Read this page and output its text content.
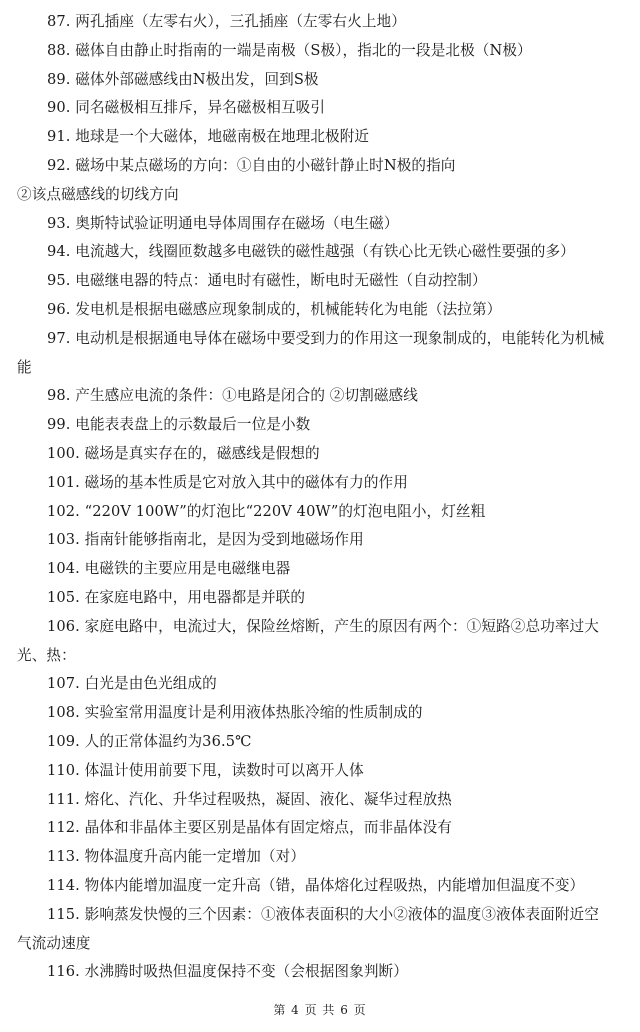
87. 两孔插座（左零右火），三孔插座（左零右火上地）
88. 磁体自由静止时指南的一端是南极（S极），指北的一段是北极（N极）
89. 磁体外部磁感线由N极出发，回到S极
90. 同名磁极相互排斥，异名磁极相互吸引
91. 地球是一个大磁体，地磁南极在地理北极附近
92. 磁场中某点磁场的方向：①自由的小磁针静止时N极的指向
②该点磁感线的切线方向
93. 奥斯特试验证明通电导体周围存在磁场（电生磁）
94. 电流越大，线圈匝数越多电磁铁的磁性越强（有铁心比无铁心磁性要强的多）
95. 电磁继电器的特点：通电时有磁性，断电时无磁性（自动控制）
96. 发电机是根据电磁感应现象制成的，机械能转化为电能（法拉第）
97. 电动机是根据通电导体在磁场中要受到力的作用这一现象制成的，电能转化为机械
能
98. 产生感应电流的条件：①电路是闭合的 ②切割磁感线
99. 电能表表盘上的示数最后一位是小数
100. 磁场是真实存在的，磁感线是假想的
101. 磁场的基本性质是它对放入其中的磁体有力的作用
102. “220V 100W”的灯泡比“220V 40W”的灯泡电阻小，灯丝粗
103. 指南针能够指南北，是因为受到地磁场作用
104. 电磁铁的主要应用是电磁继电器
105. 在家庭电路中，用电器都是并联的
106. 家庭电路中，电流过大，保险丝熔断，产生的原因有两个：①短路②总功率过大
光、热：
107. 白光是由色光组成的
108. 实验室常用温度计是利用液体热胀冷缩的性质制成的
109. 人的正常体温约为36.5℃
110. 体温计使用前要下甩，读数时可以离开人体
111. 熔化、汽化、升华过程吸热，凝固、液化、凝华过程放热
112. 晶体和非晶体主要区别是晶体有固定熔点，而非晶体没有
113. 物体温度升高内能一定增加（对）
114. 物体内能增加温度一定升高（错，晶体熔化过程吸热，内能增加但温度不变）
115. 影响蒸发快慢的三个因素：①液体表面积的大小②液体的温度③液体表面附近空
气流动速度
116. 水沸腾时吸热但温度保持不变（会根据图象判断）
第 4 页 共 6 页
